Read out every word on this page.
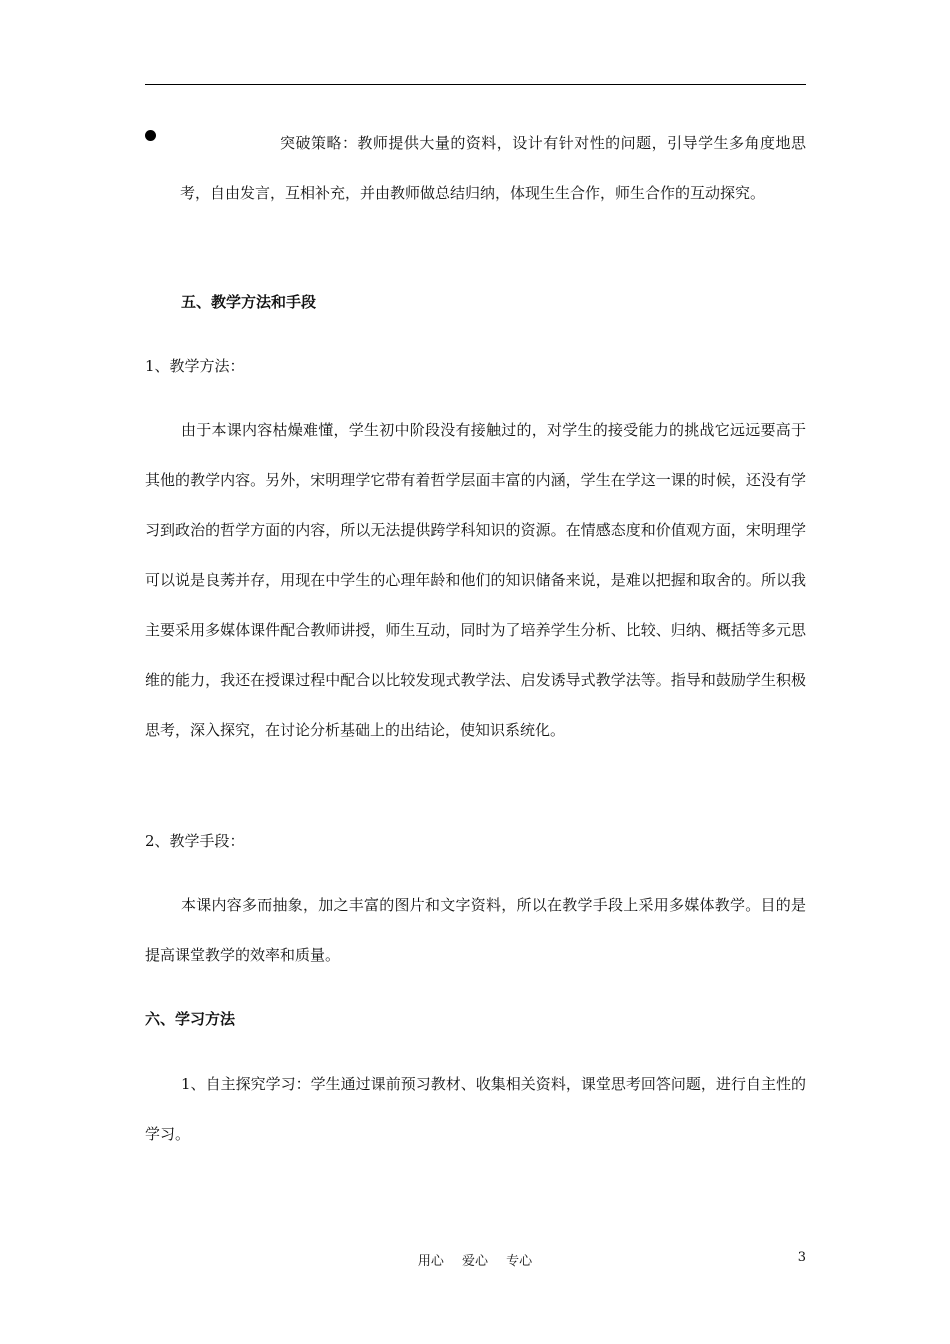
突破策略：教师提供大量的资料，设计有针对性的问题，引导学生多角度地思考，自由发言，互相补充，并由教师做总结归纳，体现生生合作，师生合作的互动探究。
五、教学方法和手段
1、教学方法：
由于本课内容枯燥难懂，学生初中阶段没有接触过的，对学生的接受能力的挑战它远远要高于其他的教学内容。另外，宋明理学它带有着哲学层面丰富的内涵，学生在学这一课的时候，还没有学习到政治的哲学方面的内容，所以无法提供跨学科知识的资源。在情感态度和价值观方面，宋明理学可以说是良莠并存，用现在中学生的心理年龄和他们的知识储备来说，是难以把握和取舍的。所以我主要采用多媒体课件配合教师讲授，师生互动，同时为了培养学生分析、比较、归纳、概括等多元思维的能力，我还在授课过程中配合以比较发现式教学法、启发诱导式教学法等。指导和鼓励学生积极思考，深入探究，在讨论分析基础上的出结论，使知识系统化。
2、教学手段：
本课内容多而抽象，加之丰富的图片和文字资料，所以在教学手段上采用多媒体教学。目的是提高课堂教学的效率和质量。
六、学习方法
1、自主探究学习：学生通过课前预习教材、收集相关资料，课堂思考回答问题，进行自主性的学习。
用心 爱心 专心	3
